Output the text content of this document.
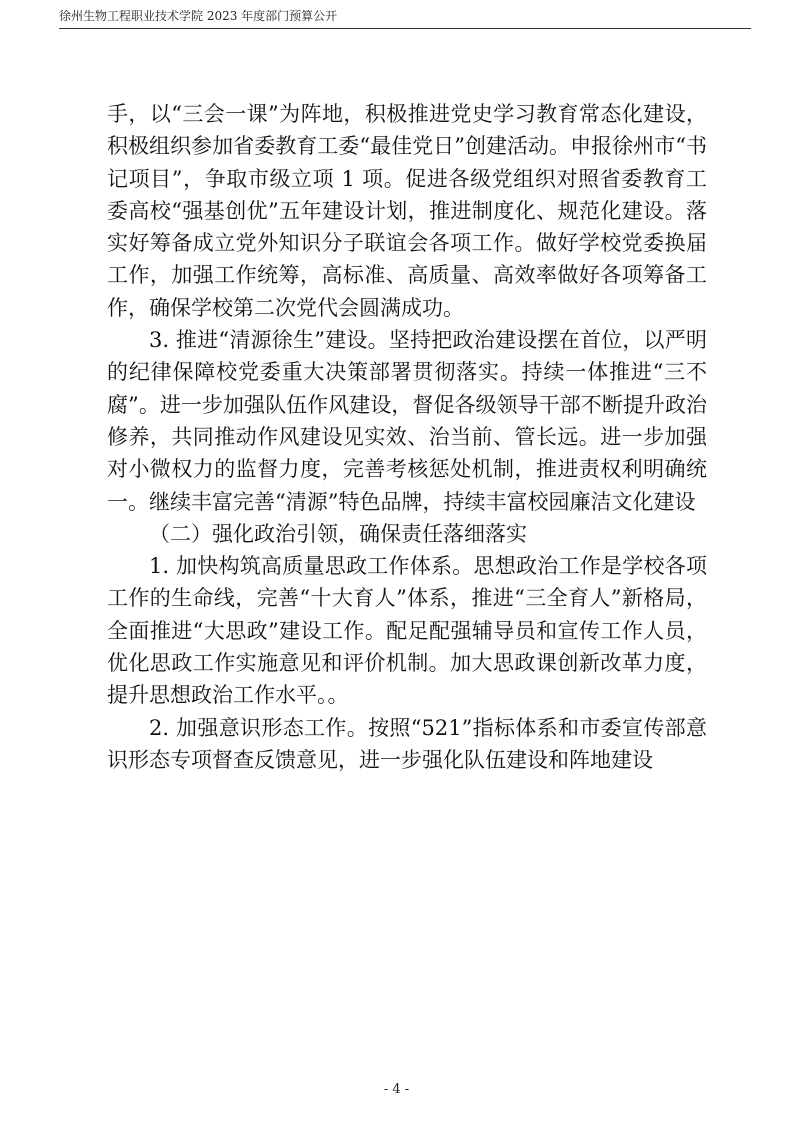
徐州生物工程职业技术学院 2023 年度部门预算公开

手，以“三会一课”为阵地，积极推进党史学习教育常态化建设，积极组织参加省委教育工委“最佳党日”创建活动。申报徐州市“书记项目”，争取市级立项 1 项。促进各级党组织对照省委教育工委高校“强基创优”五年建设计划，推进制度化、规范化建设。落实好筹备成立党外知识分子联谊会各项工作。做好学校党委换届工作，加强工作统筹，高标准、高质量、高效率做好各项筹备工作，确保学校第二次党代会圆满成功。

3. 推进“清源徐生”建设。坚持把政治建设摆在首位，以严明的纪律保障校党委重大决策部署贯彻落实。持续一体推进“三不腐”。进一步加强队伍作风建设，督促各级领导干部不断提升政治修养，共同推动作风建设见实效、治当前、管长远。进一步加强对小微权力的监督力度，完善考核惩处机制，推进责权利明确统一。继续丰富完善“清源”特色品牌，持续丰富校园廉洁文化建设

（二）强化政治引领，确保责任落细落实

1. 加快构筑高质量思政工作体系。思想政治工作是学校各项工作的生命线，完善“十大育人”体系，推进“三全育人”新格局，全面推进“大思政”建设工作。配足配强辅导员和宣传工作人员，优化思政工作实施意见和评价机制。加大思政课创新改革力度，提升思想政治工作水平。。

2. 加强意识形态工作。按照“521”指标体系和市委宣传部意识形态专项督查反馈意见，进一步强化队伍建设和阵地建设

- 4 -
